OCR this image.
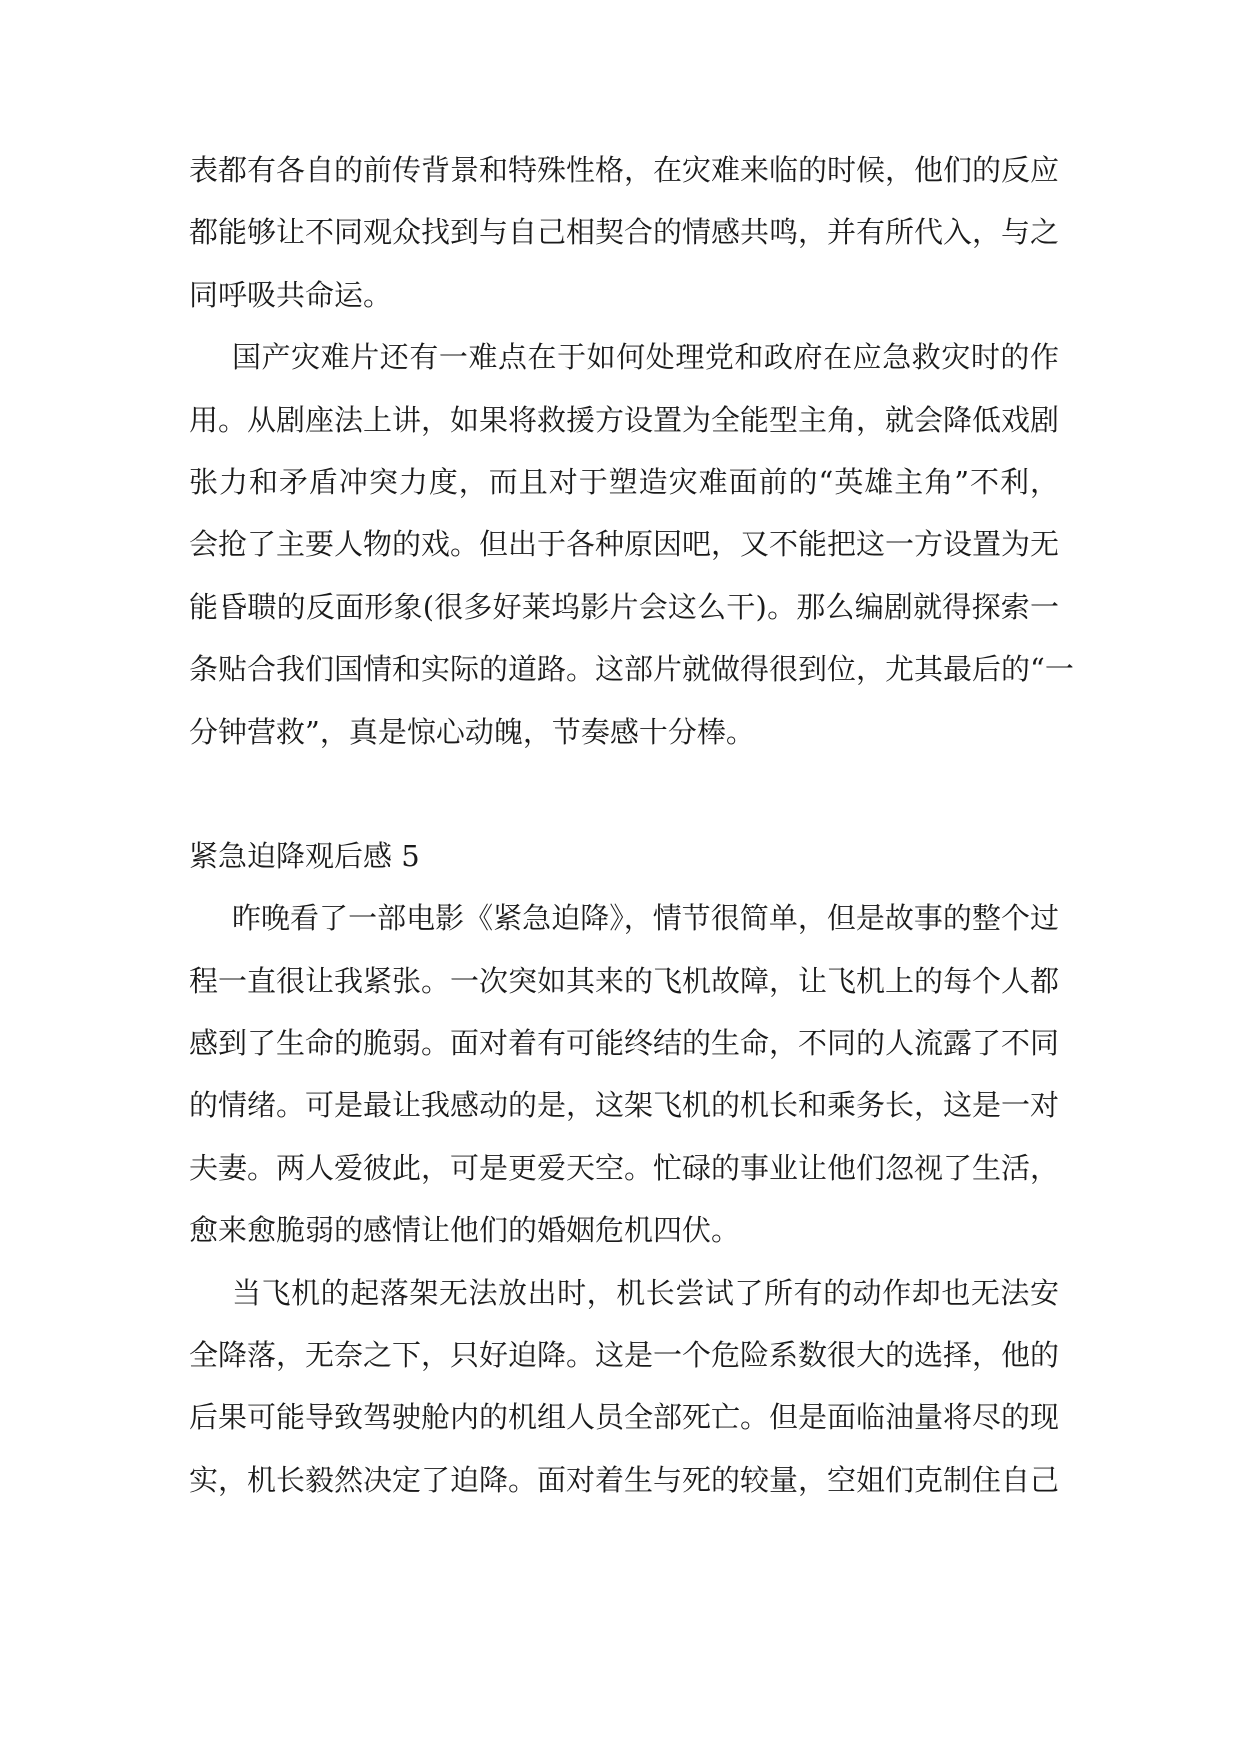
表都有各自的前传背景和特殊性格，在灾难来临的时候，他们的反应
都能够让不同观众找到与自己相契合的情感共鸣，并有所代入，与之
同呼吸共命运。
国产灾难片还有一难点在于如何处理党和政府在应急救灾时的作
用。从剧座法上讲，如果将救援方设置为全能型主角，就会降低戏剧
张力和矛盾冲突力度，而且对于塑造灾难面前的“英雄主角”不利，
会抢了主要人物的戏。但出于各种原因吧，又不能把这一方设置为无
能昏聩的反面形象(很多好莱坞影片会这么干)。那么编剧就得探索一
条贴合我们国情和实际的道路。这部片就做得很到位，尤其最后的“一
分钟营救”，真是惊心动魄，节奏感十分棒。
紧急迫降观后感 5
昨晚看了一部电影《紧急迫降》，情节很简单，但是故事的整个过
程一直很让我紧张。一次突如其来的飞机故障，让飞机上的每个人都
感到了生命的脆弱。面对着有可能终结的生命，不同的人流露了不同
的情绪。可是最让我感动的是，这架飞机的机长和乘务长，这是一对
夫妻。两人爱彼此，可是更爱天空。忙碌的事业让他们忽视了生活，
愈来愈脆弱的感情让他们的婚姻危机四伏。
当飞机的起落架无法放出时，机长尝试了所有的动作却也无法安
全降落，无奈之下，只好迫降。这是一个危险系数很大的选择，他的
后果可能导致驾驶舱内的机组人员全部死亡。但是面临油量将尽的现
实，机长毅然决定了迫降。面对着生与死的较量，空姐们克制住自己
